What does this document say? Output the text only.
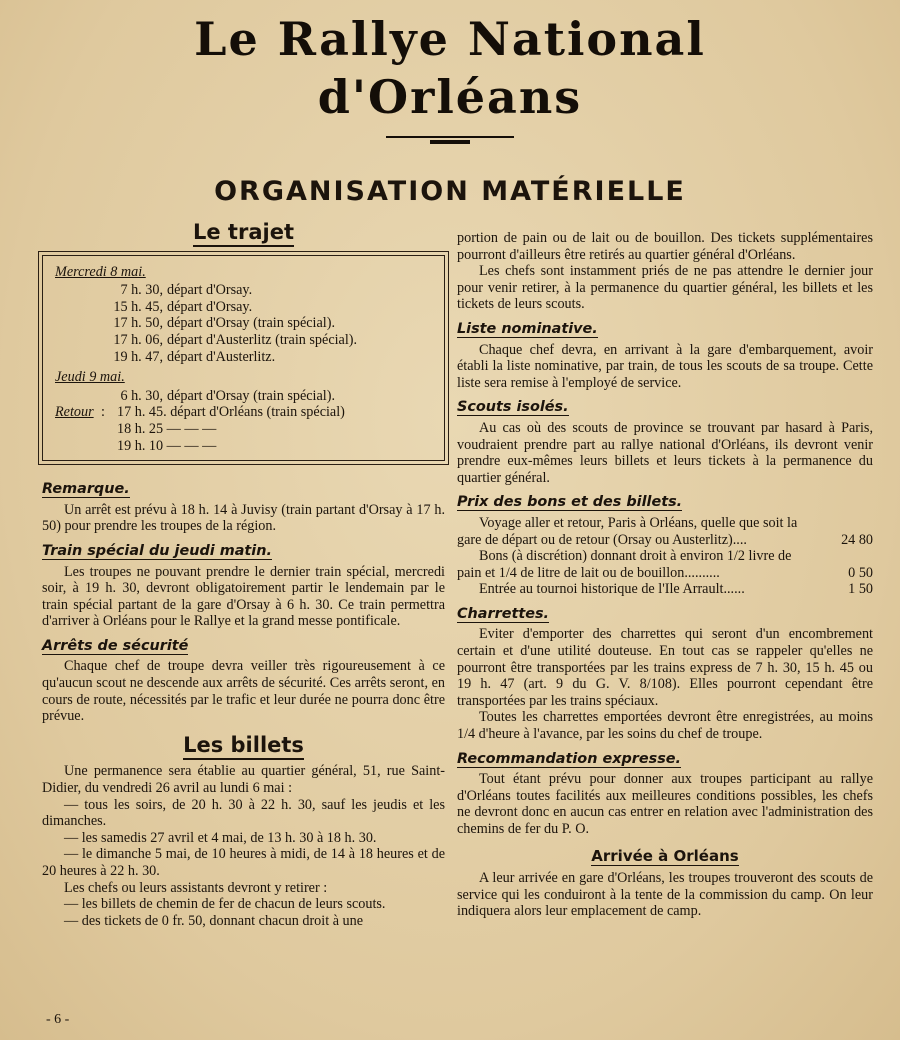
Le Rallye National
d'Orléans
ORGANISATION MATÉRIELLE
Le trajet
Mercredi 8 mai.
7 h. 30, départ d'Orsay.
15 h. 45, départ d'Orsay.
17 h. 50, départ d'Orsay (train spécial).
17 h. 06, départ d'Austerlitz (train spécial).
19 h. 47, départ d'Austerlitz.
Jeudi 9 mai.
6 h. 30, départ d'Orsay (train spécial).
Retour : 17 h. 45. départ d'Orléans (train spécial)
18 h. 25 — — —
19 h. 10 — — —
Remarque.

Un arrêt est prévu à 18 h. 14 à Juvisy (train partant d'Orsay à 17 h. 50) pour prendre les troupes de la région.

Train spécial du jeudi matin.

Les troupes ne pouvant prendre le dernier train spécial, mercredi soir, à 19 h. 30, devront obligatoirement partir le lendemain par le train spécial partant de la gare d'Orsay à 6 h. 30. Ce train permettra d'arriver à Orléans pour le Rallye et la grand messe pontificale.

Arrêts de sécurité

Chaque chef de troupe devra veiller très rigoureusement à ce qu'aucun scout ne descende aux arrêts de sécurité. Ces arrêts seront, en cours de route, nécessités par le trafic et leur durée ne pourra donc être prévue.

Les billets

Une permanence sera établie au quartier général, 51, rue Saint-Didier, du vendredi 26 avril au lundi 6 mai :

— tous les soirs, de 20 h. 30 à 22 h. 30, sauf les jeudis et les dimanches.

— les samedis 27 avril et 4 mai, de 13 h. 30 à 18 h. 30.

— le dimanche 5 mai, de 10 heures à midi, de 14 à 18 heures et de 20 heures à 22 h. 30.

Les chefs ou leurs assistants devront y retirer :

— les billets de chemin de fer de chacun de leurs scouts.

— des tickets de 0 fr. 50, donnant chacun droit à une

portion de pain ou de lait ou de bouillon. Des tickets supplémentaires pourront d'ailleurs être retirés au quartier général d'Orléans.

Les chefs sont instamment priés de ne pas attendre le dernier jour pour venir retirer, à la permanence du quartier général, les billets et les tickets de leurs scouts.

Liste nominative.

Chaque chef devra, en arrivant à la gare d'embarquement, avoir établi la liste nominative, par train, de tous les scouts de sa troupe. Cette liste sera remise à l'employé de service.

Scouts isolés.

Au cas où des scouts de province se trouvant par hasard à Paris, voudraient prendre part au rallye national d'Orléans, ils devront venir prendre eux-mêmes leurs billets et leurs tickets à la permanence du quartier général.

Prix des bons et des billets.
Voyage aller et retour, Paris à Orléans, quelle que soit la gare de départ ou de retour (Orsay ou Austerlitz)....	24 80
Bons (à discrétion) donnant droit à environ 1/2 livre de
pain et 1/4 de litre de lait ou de bouillon..........	0 50
Entrée au tournoi historique de l'Ile Arrault......	1 50
Charrettes.

Eviter d'emporter des charrettes qui seront d'un encombrement certain et d'une utilité douteuse. En tout cas se rappeler qu'elles ne pourront être transportées par les trains express de 7 h. 30, 15 h. 45 ou 19 h. 47 (art. 9 du G. V. 8/108). Elles pourront cependant être transportées par les trains spéciaux.

Toutes les charrettes emportées devront être enregistrées, au moins 1/4 d'heure à l'avance, par les soins du chef de troupe.

Recommandation expresse.

Tout étant prévu pour donner aux troupes participant au rallye d'Orléans toutes facilités aux meilleures conditions possibles, les chefs ne devront donc en aucun cas entrer en relation avec l'administration des chemins de fer du P. O.

Arrivée à Orléans

A leur arrivée en gare d'Orléans, les troupes trouveront des scouts de service qui les conduiront à la tente de la commission du camp. On leur indiquera alors leur emplacement de camp.

- 6 -
